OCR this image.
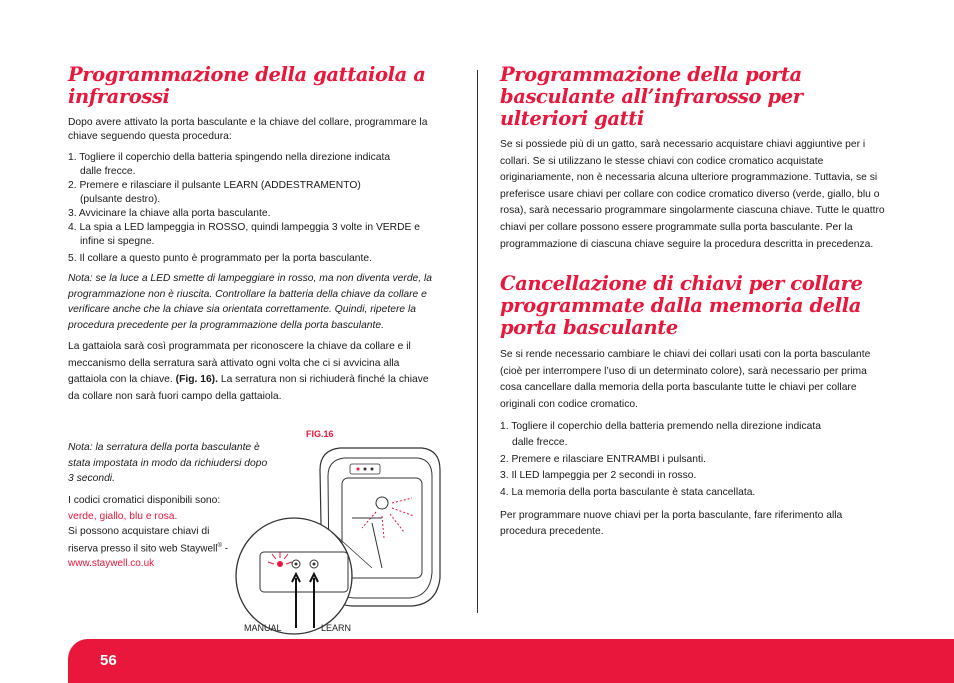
Programmazione della gattaiola a infrarossi

Dopo avere attivato la porta basculante e la chiave del collare, programmare la chiave seguendo questa procedura:

1. Togliere il coperchio della batteria spingendo nella direzione indicata
dalle frecce.
2. Premere e rilasciare il pulsante LEARN (ADDESTRAMENTO)
(pulsante destro).
3. Avvicinare la chiave alla porta basculante.
4. La spia a LED lampeggia in ROSSO, quindi lampeggia 3 volte in VERDE e
infine si spegne.
5. Il collare a questo punto è programmato per la porta basculante.

Nota: se la luce a LED smette di lampeggiare in rosso, ma non diventa verde, la programmazione non è riuscita. Controllare la batteria della chiave da collare e verificare anche che la chiave sia orientata correttamente. Quindi, ripetere la procedura precedente per la programmazione della porta basculante.

La gattaiola sarà così programmata per riconoscere la chiave da collare e il meccanismo della serratura sarà attivato ogni volta che ci si avvicina alla gattaiola con la chiave. (Fig. 16). La serratura non si richiuderà finché la chiave da collare non sarà fuori campo della gattaiola.

Nota: la serratura della porta basculante è stata impostata in modo da richiudersi dopo 3 secondi.

I codici cromatici disponibili sono:

verde, giallo, blu e rosa.

Si possono acquistare chiavi di

riserva presso il sito web Staywell® -

www.staywell.co.uk

FIG.16
MANUAL	LEARN
Programmazione della porta basculante all’infrarosso per ulteriori gatti

Se si possiede più di un gatto, sarà necessario acquistare chiavi aggiuntive per i collari. Se si utilizzano le stesse chiavi con codice cromatico acquistate originariamente, non è necessaria alcuna ulteriore programmazione. Tuttavia, se si preferisce usare chiavi per collare con codice cromatico diverso (verde, giallo, blu o rosa), sarà necessario programmare singolarmente ciascuna chiave. Tutte le quattro chiavi per collare possono essere programmate sulla porta basculante. Per la programmazione di ciascuna chiave seguire la procedura descritta in precedenza.

Cancellazione di chiavi per collare programmate dalla memoria della porta basculante

Se si rende necessario cambiare le chiavi dei collari usati con la porta basculante (cioè per interrompere l’uso di un determinato colore), sarà necessario per prima cosa cancellare dalla memoria della porta basculante tutte le chiavi per collare originali con codice cromatico.

1. Togliere il coperchio della batteria premendo nella direzione indicata
dalle frecce.
2. Premere e rilasciare ENTRAMBI i pulsanti.
3. Il LED lampeggia per 2 secondi in rosso.
4. La memoria della porta basculante è stata cancellata.

Per programmare nuove chiavi per la porta basculante, fare riferimento alla procedura precedente.

56
